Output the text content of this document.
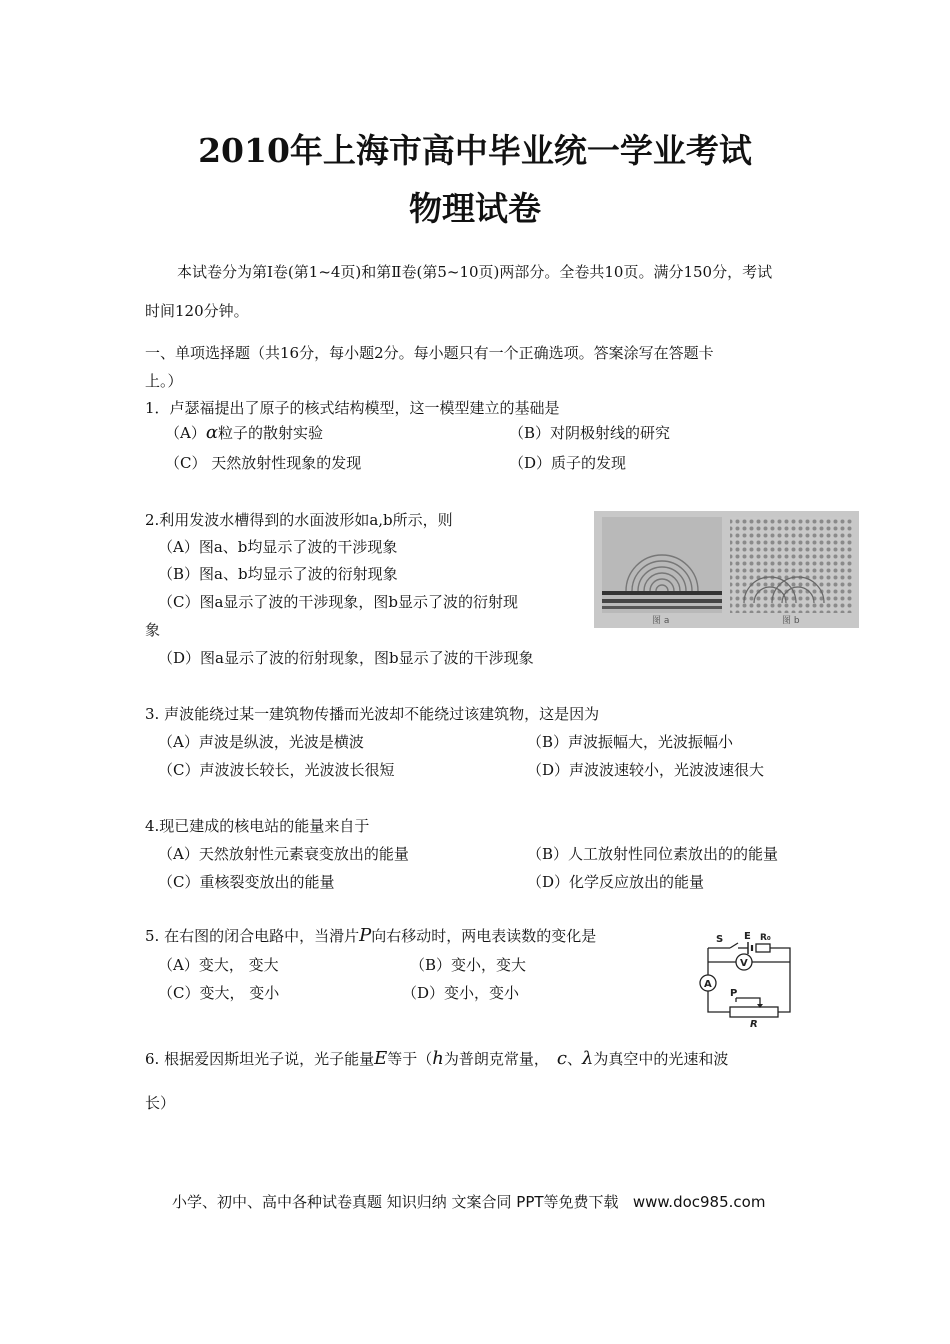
2010年上海市高中毕业统一学业考试
物理试卷
本试卷分为第Ⅰ卷(第1~4页)和第Ⅱ卷(第5~10页)两部分。全卷共10页。满分150分，考试
时间120分钟。
一、单项选择题（共16分，每小题2分。每小题只有一个正确选项。答案涂写在答题卡
上。）
1．卢瑟福提出了原子的核式结构模型，这一模型建立的基础是
（A）α粒子的散射实验	（B）对阴极射线的研究
（C） 天然放射性现象的发现	（D）质子的发现
2.利用发波水槽得到的水面波形如a,b所示，则
（A）图a、b均显示了波的干涉现象
（B）图a、b均显示了波的衍射现象
（C）图a显示了波的干涉现象，图b显示了波的衍射现
象
（D）图a显示了波的衍射现象，图b显示了波的干涉现象
图 a	图 b
3. 声波能绕过某一建筑物传播而光波却不能绕过该建筑物，这是因为
（A）声波是纵波，光波是横波	（B）声波振幅大，光波振幅小
（C）声波波长较长，光波波长很短	（D）声波波速较小，光波波速很大
4.现已建成的核电站的能量来自于
（A）天然放射性元素衰变放出的能量	（B）人工放射性同位素放出的的能量
（C）重核裂变放出的能量	（D）化学反应放出的能量
5. 在右图的闭合电路中，当滑片P向右移动时，两电表读数的变化是
（A）变大， 变大	（B）变小，变大
（C）变大， 变小	（D）变小，变小
S E R₀
V
A
P
R
6. 根据爱因斯坦光子说，光子能量E等于（h为普朗克常量， c、λ为真空中的光速和波
长）
小学、初中、高中各种试卷真题 知识归纳 文案合同 PPT等免费下载 www.doc985.com
